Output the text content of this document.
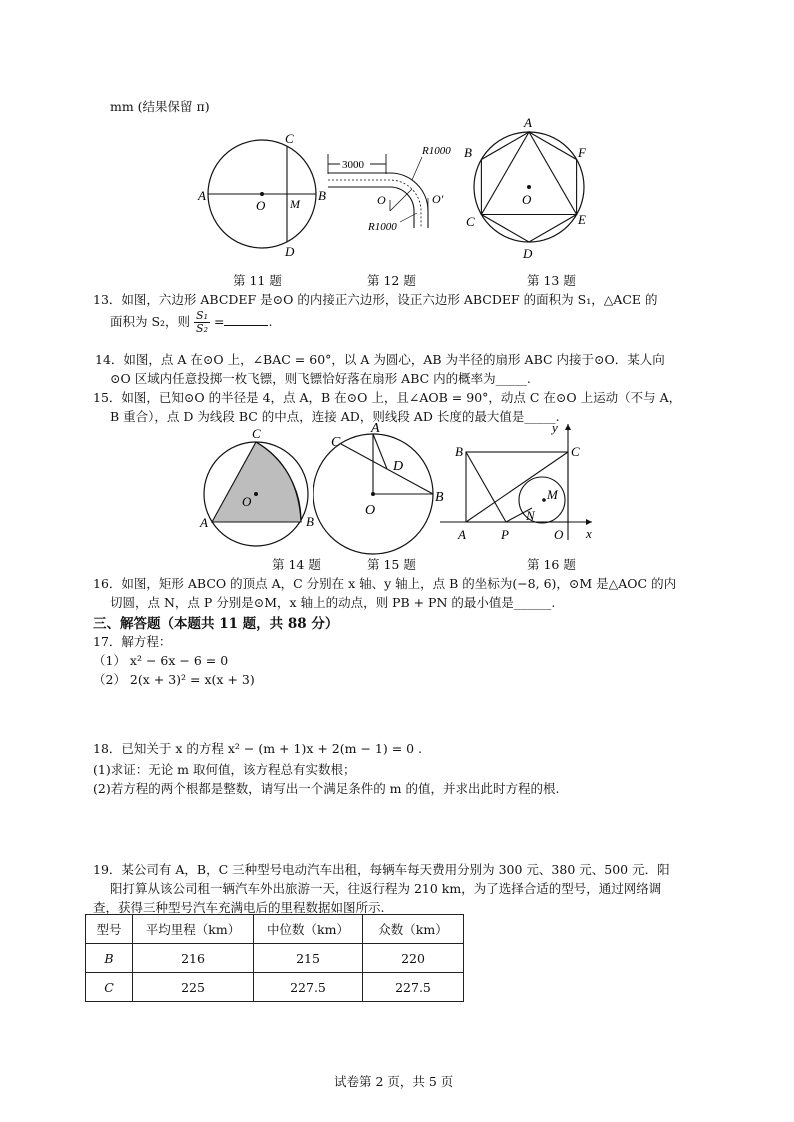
mm (结果保留 π)
C
A
O M
B
D
3000
R1000
O	O′
R1000
A
B	F
O
C	E
D
第 11 题	第 12 题	第 13 题
13．如图，六边形 ABCDEF 是⊙O 的内接正六边形，设正六边形 ABCDEF 的面积为 S₁，△ACE 的
面积为 S₂，则 $\frac{\text{S₁}}{\text{S₂}}$ =	.
14．如图，点 A 在⊙O 上，∠BAC = 60°，以 A 为圆心，AB 为半径的扇形 ABC 内接于⊙O．某人向
⊙O 区域内任意投掷一枚飞镖，则飞镖恰好落在扇形 ABC 内的概率为_____.
15．如图，已知⊙O 的半径是 4，点 A，B 在⊙O 上，且∠AOB = 90°，动点 C 在⊙O 上运动（不与 A，
B 重合），点 D 为线段 BC 的中点，连接 AD，则线段 AD 长度的最大值是_____.
C
O
A	B
C
A
D
O
B
y
B	C
M
N
A	P	O x
第 14 题	第 15 题	第 16 题
16．如图，矩形 ABCO 的顶点 A，C 分别在 x 轴、y 轴上，点 B 的坐标为(−8, 6)，⊙M 是△AOC 的内
切圆，点 N，点 P 分别是⊙M，x 轴上的动点，则 PB + PN 的最小值是______.
三、解答题（本题共 11 题，共 88 分）
17．解方程：
（1） x² − 6x − 6 = 0
（2） 2(x + 3)² = x(x + 3)
18．已知关于 x 的方程 x² − (m + 1)x + 2(m − 1) = 0 .
(1)求证：无论 m 取何值，该方程总有实数根；
(2)若方程的两个根都是整数，请写出一个满足条件的 m 的值，并求出此时方程的根.
19．某公司有 A，B，C 三种型号电动汽车出租，每辆车每天费用分别为 300 元、380 元、500 元．阳
阳打算从该公司租一辆汽车外出旅游一天，往返行程为 210 km，为了选择合适的型号，通过网络调
查，获得三种型号汽车充满电后的里程数据如图所示.
型号	平均里程（km）	中位数（km）	众数（km）
B	216	215	220
C	225	227.5	227.5
试卷第 2 页，共 5 页
